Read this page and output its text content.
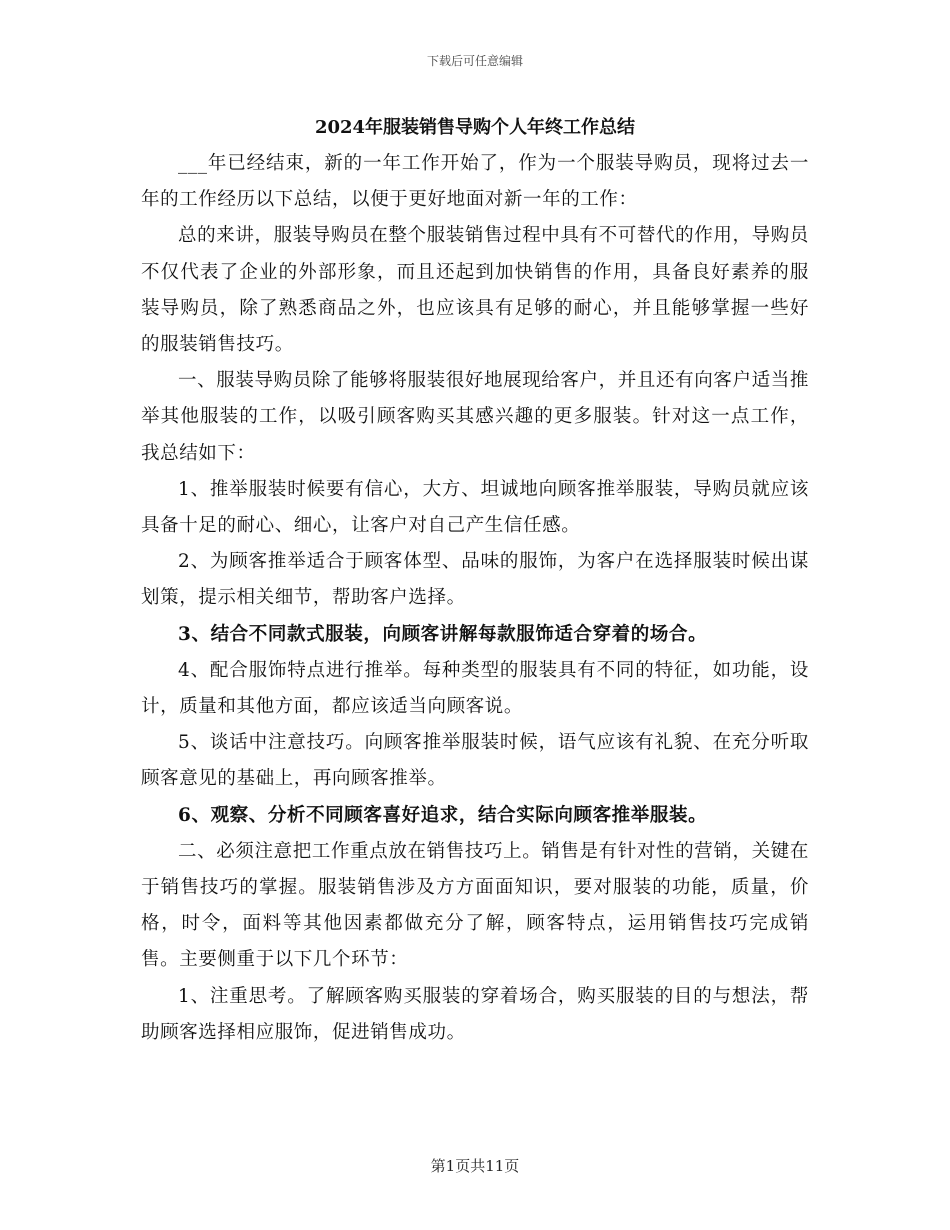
下载后可任意编辑
2024年服装销售导购个人年终工作总结

___年已经结束，新的一年工作开始了，作为一个服装导购员，现将过去一年的工作经历以下总结，以便于更好地面对新一年的工作：

总的来讲，服装导购员在整个服装销售过程中具有不可替代的作用，导购员不仅代表了企业的外部形象，而且还起到加快销售的作用，具备良好素养的服装导购员，除了熟悉商品之外，也应该具有足够的耐心，并且能够掌握一些好的服装销售技巧。

一、服装导购员除了能够将服装很好地展现给客户，并且还有向客户适当推举其他服装的工作，以吸引顾客购买其感兴趣的更多服装。针对这一点工作，我总结如下：

1、推举服装时候要有信心，大方、坦诚地向顾客推举服装，导购员就应该具备十足的耐心、细心，让客户对自己产生信任感。

2、为顾客推举适合于顾客体型、品味的服饰，为客户在选择服装时候出谋划策，提示相关细节，帮助客户选择。

3、结合不同款式服装，向顾客讲解每款服饰适合穿着的场合。

4、配合服饰特点进行推举。每种类型的服装具有不同的特征，如功能，设计，质量和其他方面，都应该适当向顾客说。

5、谈话中注意技巧。向顾客推举服装时候，语气应该有礼貌、在充分听取顾客意见的基础上，再向顾客推举。

6、观察、分析不同顾客喜好追求，结合实际向顾客推举服装。

二、必须注意把工作重点放在销售技巧上。销售是有针对性的营销，关键在于销售技巧的掌握。服装销售涉及方方面面知识，要对服装的功能，质量，价格，时令，面料等其他因素都做充分了解，顾客特点，运用销售技巧完成销售。主要侧重于以下几个环节：

1、注重思考。了解顾客购买服装的穿着场合，购买服装的目的与想法，帮助顾客选择相应服饰，促进销售成功。

第1页共11页
